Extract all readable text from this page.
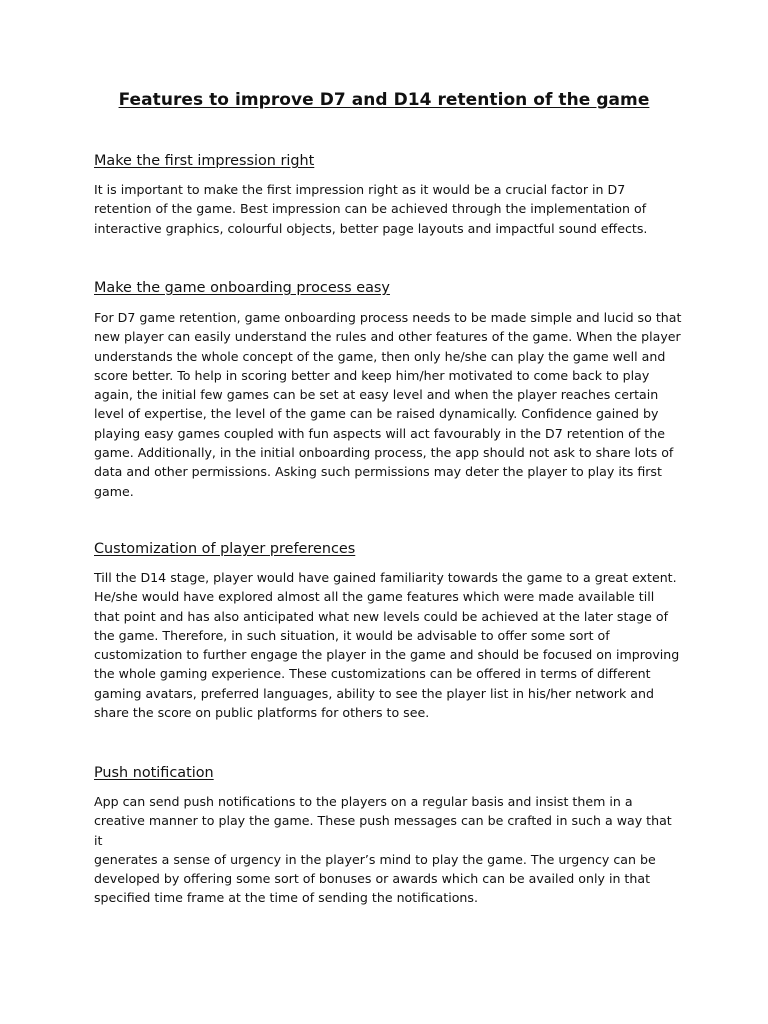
Features to improve D7 and D14 retention of the game
Make the first impression right
It is important to make the first impression right as it would be a crucial factor in D7
retention of the game. Best impression can be achieved through the implementation of
interactive graphics, colourful objects, better page layouts and impactful sound effects.
Make the game onboarding process easy
For D7 game retention, game onboarding process needs to be made simple and lucid so that
new player can easily understand the rules and other features of the game. When the player
understands the whole concept of the game, then only he/she can play the game well and
score better. To help in scoring better and keep him/her motivated to come back to play
again, the initial few games can be set at easy level and when the player reaches certain
level of expertise, the level of the game can be raised dynamically. Confidence gained by
playing easy games coupled with fun aspects will act favourably in the D7 retention of the
game. Additionally, in the initial onboarding process, the app should not ask to share lots of
data and other permissions. Asking such permissions may deter the player to play its first
game.
Customization of player preferences
Till the D14 stage, player would have gained familiarity towards the game to a great extent.
He/she would have explored almost all the game features which were made available till
that point and has also anticipated what new levels could be achieved at the later stage of
the game. Therefore, in such situation, it would be advisable to offer some sort of
customization to further engage the player in the game and should be focused on improving
the whole gaming experience. These customizations can be offered in terms of different
gaming avatars, preferred languages, ability to see the player list in his/her network and
share the score on public platforms for others to see.
Push notification
App can send push notifications to the players on a regular basis and insist them in a
creative manner to play the game. These push messages can be crafted in such a way that it
generates a sense of urgency in the player’s mind to play the game. The urgency can be
developed by offering some sort of bonuses or awards which can be availed only in that
specified time frame at the time of sending the notifications.
